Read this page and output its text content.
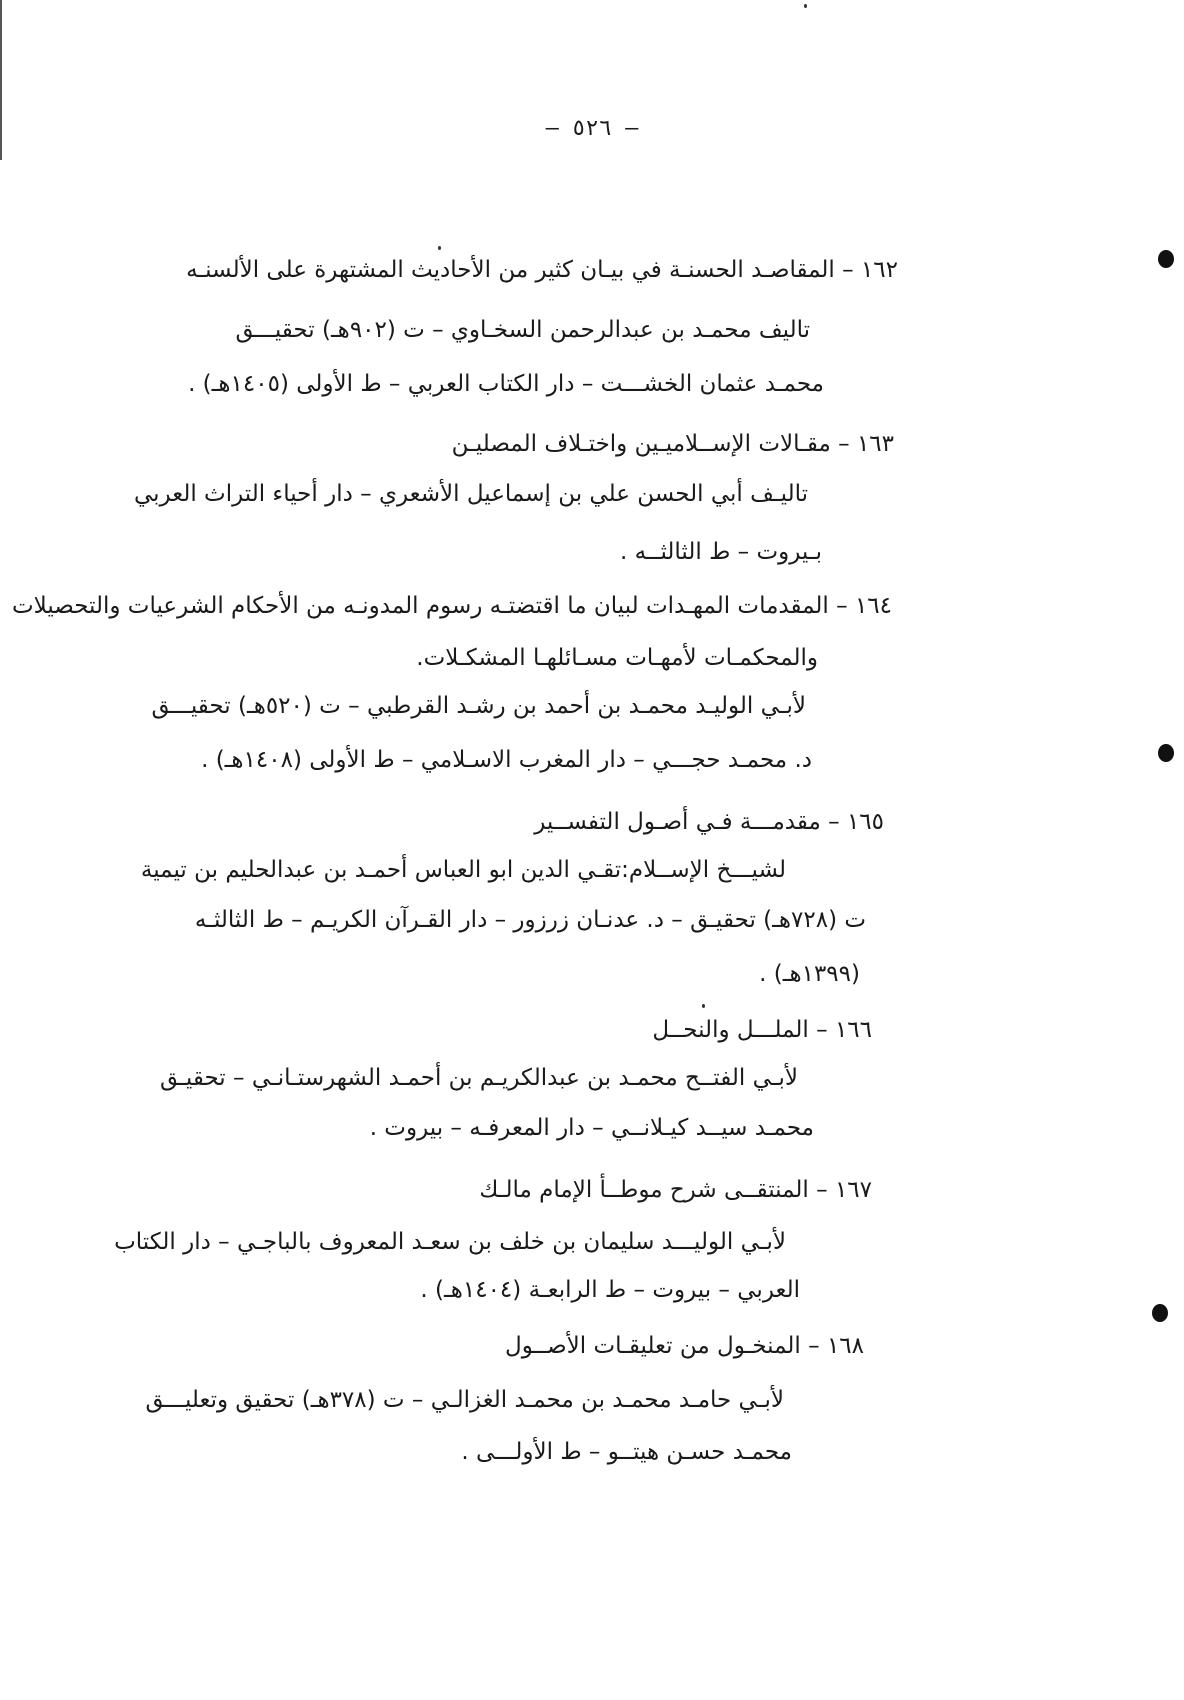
– ٥٢٦ –
١٦٢ – المقاصـد الحسنـة في بيـان كثير من الأحاديث المشتهرة على الألسنـه
تاليف محمـد بن عبدالرحمن السخـاوي – ت (٩٠٢هـ) تحقيـــق
محمـد عثمان الخشـــت – دار الكتاب العربي – ط الأولى (١٤٠٥هـ) .
١٦٣ – مقـالات الإســلاميـين واختـلاف المصليـن
تاليـف أبي الحسن علي بن إسماعيل الأشعري – دار أحياء التراث العربي
بـيروت – ط الثالثــه .
١٦٤ – المقدمات المهـدات لبيان ما اقتضتـه رسوم المدونـه من الأحكام الشرعيات والتحصيلات
والمحكمـات لأمهـات مسـائلهـا المشكـلات.
لأبـي الوليـد محمـد بن أحمد بن رشـد القرطبي – ت (٥٢٠هـ) تحقيـــق
د. محمـد حجـــي – دار المغرب الاسـلامي – ط الأولى (١٤٠٨هـ) .
١٦٥ – مقدمـــة فـي أصـول التفســير
لشيـــخ الإســلام:تقـي الدين ابو العباس أحمـد بن عبدالحليم بن تيمية
ت (٧٢٨هـ) تحقيـق – د. عدنـان زرزور – دار القـرآن الكريـم – ط الثالثـه
(١٣٩٩هـ) .
١٦٦ – الملـــل والنحــل
لأبـي الفتــح محمـد بن عبدالكريـم بن أحمـد الشهرستـانـي – تحقيـق
محمـد سيــد كيـلانــي – دار المعرفـه – بيروت .
١٦٧ – المنتقــى شرح موطــأ الإمام مالـك
لأبـي الوليـــد سليمان بن خلف بن سعـد المعروف بالباجـي – دار الكتاب
العربي – بيروت – ط الرابعـة (١٤٠٤هـ) .
١٦٨ – المنخـول من تعليقـات الأصــول
لأبـي حامـد محمـد بن محمـد الغزالـي – ت (٣٧٨هـ) تحقيق وتعليـــق
محمـد حسـن هيتــو – ط الأولـــى .
